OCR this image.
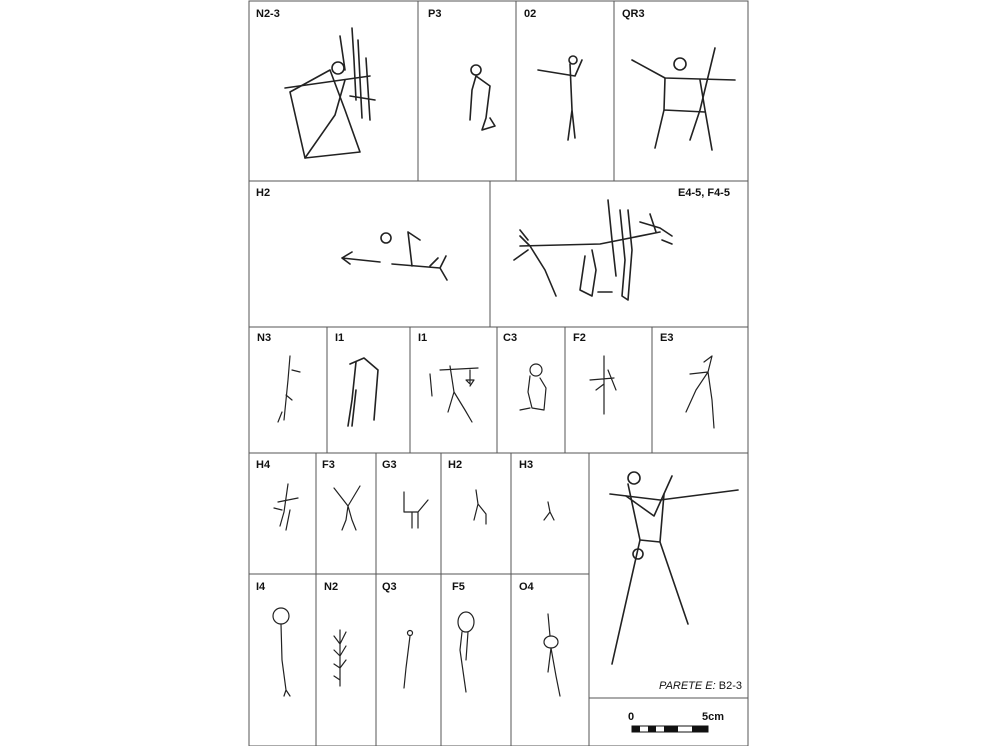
N2-3	P3	02	QR3
H2	E4-5, F4-5
N3	I1	I1	C3	F2	E3
H4	F3	G3	H2	H3
I4	N2	Q3	F5	O4
PARETE E: B2-3
0	5cm
